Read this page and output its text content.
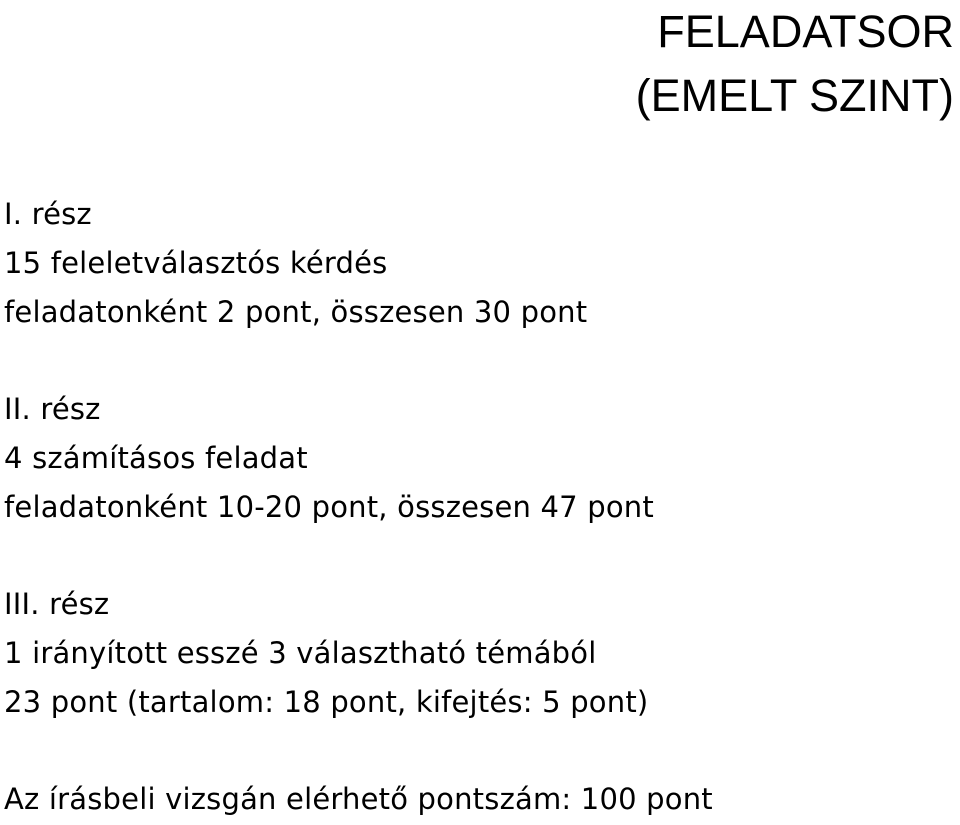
FELADATSOR
(EMELT SZINT)
I. rész
15 feleletválasztós kérdés
feladatonként 2 pont, összesen 30 pont
II. rész
4 számításos feladat
feladatonként 10-20 pont, összesen 47 pont
III. rész
1 irányított esszé 3 választható témából
23 pont (tartalom: 18 pont, kifejtés: 5 pont)
Az írásbeli vizsgán elérhető pontszám: 100 pont
